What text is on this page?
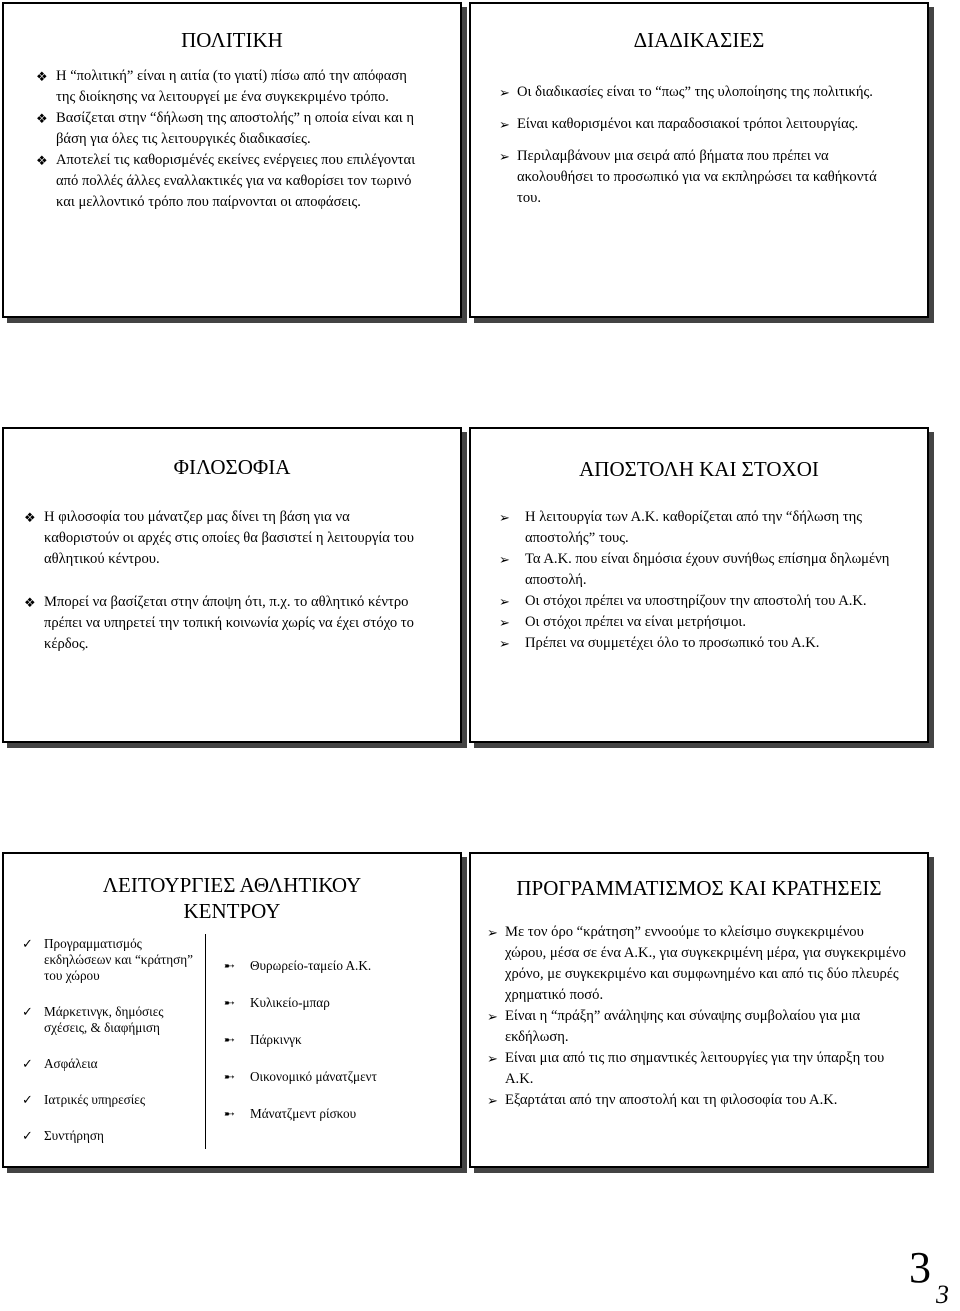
ΠΟΛΙΤΙΚΗ
❖ Η “πολιτική” είναι η αιτία (το γιατί) πίσω από την απόφαση της διοίκησης να λειτουργεί με ένα συγκεκριμένο τρόπο.
❖ Βασίζεται στην “δήλωση της αποστολής” η οποία είναι και η βάση για όλες τις λειτουργικές διαδικασίες.
❖ Αποτελεί τις καθορισμένές εκείνες ενέργειες που επιλέγονται από πολλές άλλες εναλλακτικές για να καθορίσει τον τωρινό και μελλοντικό τρόπο που παίρνονται οι αποφάσεις.
ΔΙΑΔΙΚΑΣΙΕΣ
➢ Οι διαδικασίες είναι το “πως” της υλοποίησης της πολιτικής.
➢ Είναι καθορισμένοι και παραδοσιακοί τρόποι λειτουργίας.
➢ Περιλαμβάνουν μια σειρά από βήματα που πρέπει να ακολουθήσει το προσωπικό για να εκπληρώσει τα καθήκοντά του.
ΦΙΛΟΣΟΦΙΑ
❖ Η φιλοσοφία του μάνατζερ μας δίνει τη βάση για να καθοριστούν οι αρχές στις οποίες θα βασιστεί η λειτουργία του αθλητικού κέντρου.
❖ Μπορεί να βασίζεται στην άποψη ότι, π.χ. το αθλητικό κέντρο πρέπει να υπηρετεί την τοπική κοινωνία χωρίς να έχει στόχο το κέρδος.
ΑΠΟΣΤΟΛΗ ΚΑΙ ΣΤΟΧΟΙ
➢ Η λειτουργία των Α.Κ. καθορίζεται από την “δήλωση της αποστολής” τους.
➢ Τα Α.Κ. που είναι δημόσια έχουν συνήθως επίσημα δηλωμένη αποστολή.
➢ Οι στόχοι πρέπει να υποστηρίζουν την αποστολή του Α.Κ.
➢ Οι στόχοι πρέπει να είναι μετρήσιμοι.
➢ Πρέπει να συμμετέχει όλο το προσωπικό του Α.Κ.
ΛΕΙΤΟΥΡΓΙΕΣ ΑΘΛΗΤΙΚΟΥ ΚΕΝΤΡΟΥ
✓ Προγραμματισμός εκδηλώσεων και “κράτηση” του χώρου
✓ Μάρκετινγκ, δημόσιες σχέσεις, & διαφήμιση
✓ Ασφάλεια
✓ Ιατρικές υπηρεσίες
✓ Συντήρηση
➸ Θυρωρείο-ταμείο Α.Κ.
➸ Κυλικείο-μπαρ
➸ Πάρκινγκ
➸ Οικονομικό μάνατζμεντ
➸ Μάνατζμεντ ρίσκου
ΠΡΟΓΡΑΜΜΑΤΙΣΜΟΣ ΚΑΙ ΚΡΑΤΗΣΕΙΣ
➢ Με τον όρο “κράτηση” εννοούμε το κλείσιμο συγκεκριμένου χώρου, μέσα σε ένα Α.Κ., για συγκεκριμένη μέρα, για συγκεκριμένο χρόνο, με συγκεκριμένο και συμφωνημένο και από τις δύο πλευρές χρηματικό ποσό.
➢ Είναι η “πράξη” ανάληψης και σύναψης συμβολαίου για μια εκδήλωση.
➢ Είναι μια από τις πιο σημαντικές λειτουργίες για την ύπαρξη του Α.Κ.
➢ Εξαρτάται από την αποστολή και τη φιλοσοφία του Α.Κ.
3
3
